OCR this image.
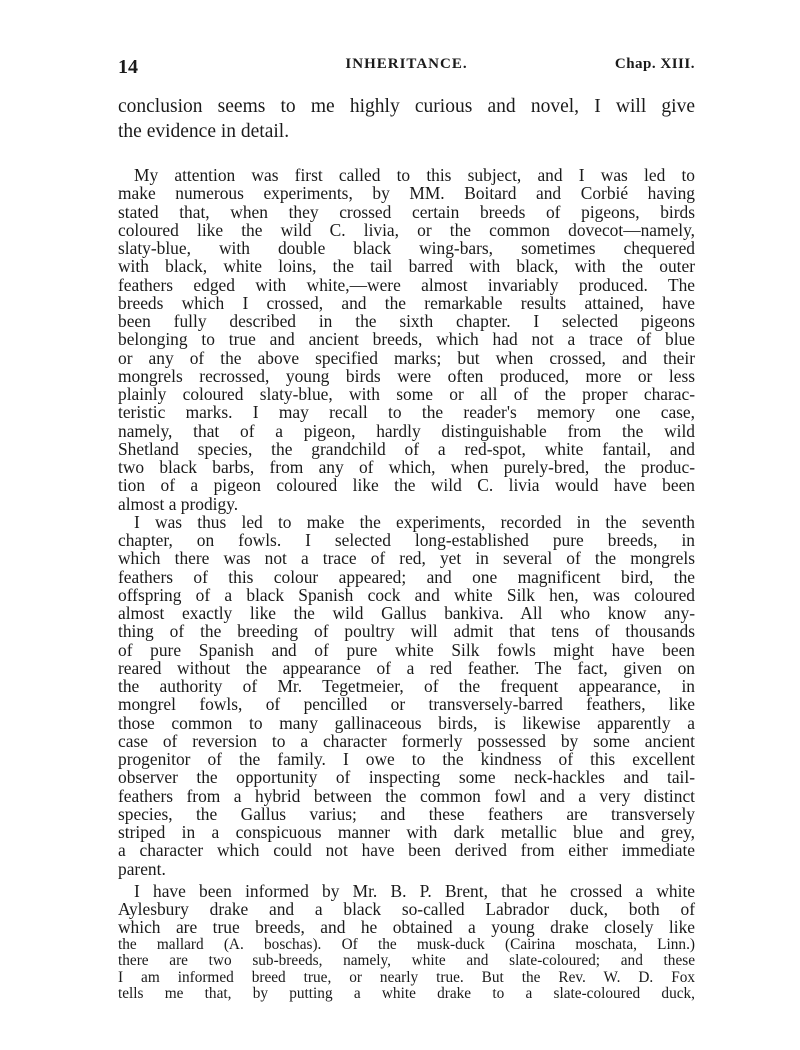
14	INHERITANCE.	Chap. XIII.
conclusion seems to me highly curious and novel, I will give
the evidence in detail.
My attention was first called to this subject, and I was led to
make numerous experiments, by MM. Boitard and Corbié having
stated that, when they crossed certain breeds of pigeons, birds
coloured like the wild C. livia, or the common dovecot—namely,
slaty-blue, with double black wing-bars, sometimes chequered
with black, white loins, the tail barred with black, with the outer
feathers edged with white,—were almost invariably produced. The
breeds which I crossed, and the remarkable results attained, have
been fully described in the sixth chapter. I selected pigeons
belonging to true and ancient breeds, which had not a trace of blue
or any of the above specified marks; but when crossed, and their
mongrels recrossed, young birds were often produced, more or less
plainly coloured slaty-blue, with some or all of the proper charac-
teristic marks. I may recall to the reader's memory one case,
namely, that of a pigeon, hardly distinguishable from the wild
Shetland species, the grandchild of a red-spot, white fantail, and
two black barbs, from any of which, when purely-bred, the produc-
tion of a pigeon coloured like the wild C. livia would have been
almost a prodigy.
I was thus led to make the experiments, recorded in the seventh
chapter, on fowls. I selected long-established pure breeds, in
which there was not a trace of red, yet in several of the mongrels
feathers of this colour appeared; and one magnificent bird, the
offspring of a black Spanish cock and white Silk hen, was coloured
almost exactly like the wild Gallus bankiva. All who know any-
thing of the breeding of poultry will admit that tens of thousands
of pure Spanish and of pure white Silk fowls might have been
reared without the appearance of a red feather. The fact, given on
the authority of Mr. Tegetmeier, of the frequent appearance, in
mongrel fowls, of pencilled or transversely-barred feathers, like
those common to many gallinaceous birds, is likewise apparently a
case of reversion to a character formerly possessed by some ancient
progenitor of the family. I owe to the kindness of this excellent
observer the opportunity of inspecting some neck-hackles and tail-
feathers from a hybrid between the common fowl and a very distinct
species, the Gallus varius; and these feathers are transversely
striped in a conspicuous manner with dark metallic blue and grey,
a character which could not have been derived from either immediate
parent.
I have been informed by Mr. B. P. Brent, that he crossed a white
Aylesbury drake and a black so-called Labrador duck, both of
which are true breeds, and he obtained a young drake closely like
the mallard (A. boschas). Of the musk-duck (Cairina moschata, Linn.)
there are two sub-breeds, namely, white and slate-coloured; and these
I am informed breed true, or nearly true. But the Rev. W. D. Fox
tells me that, by putting a white drake to a slate-coloured duck,
